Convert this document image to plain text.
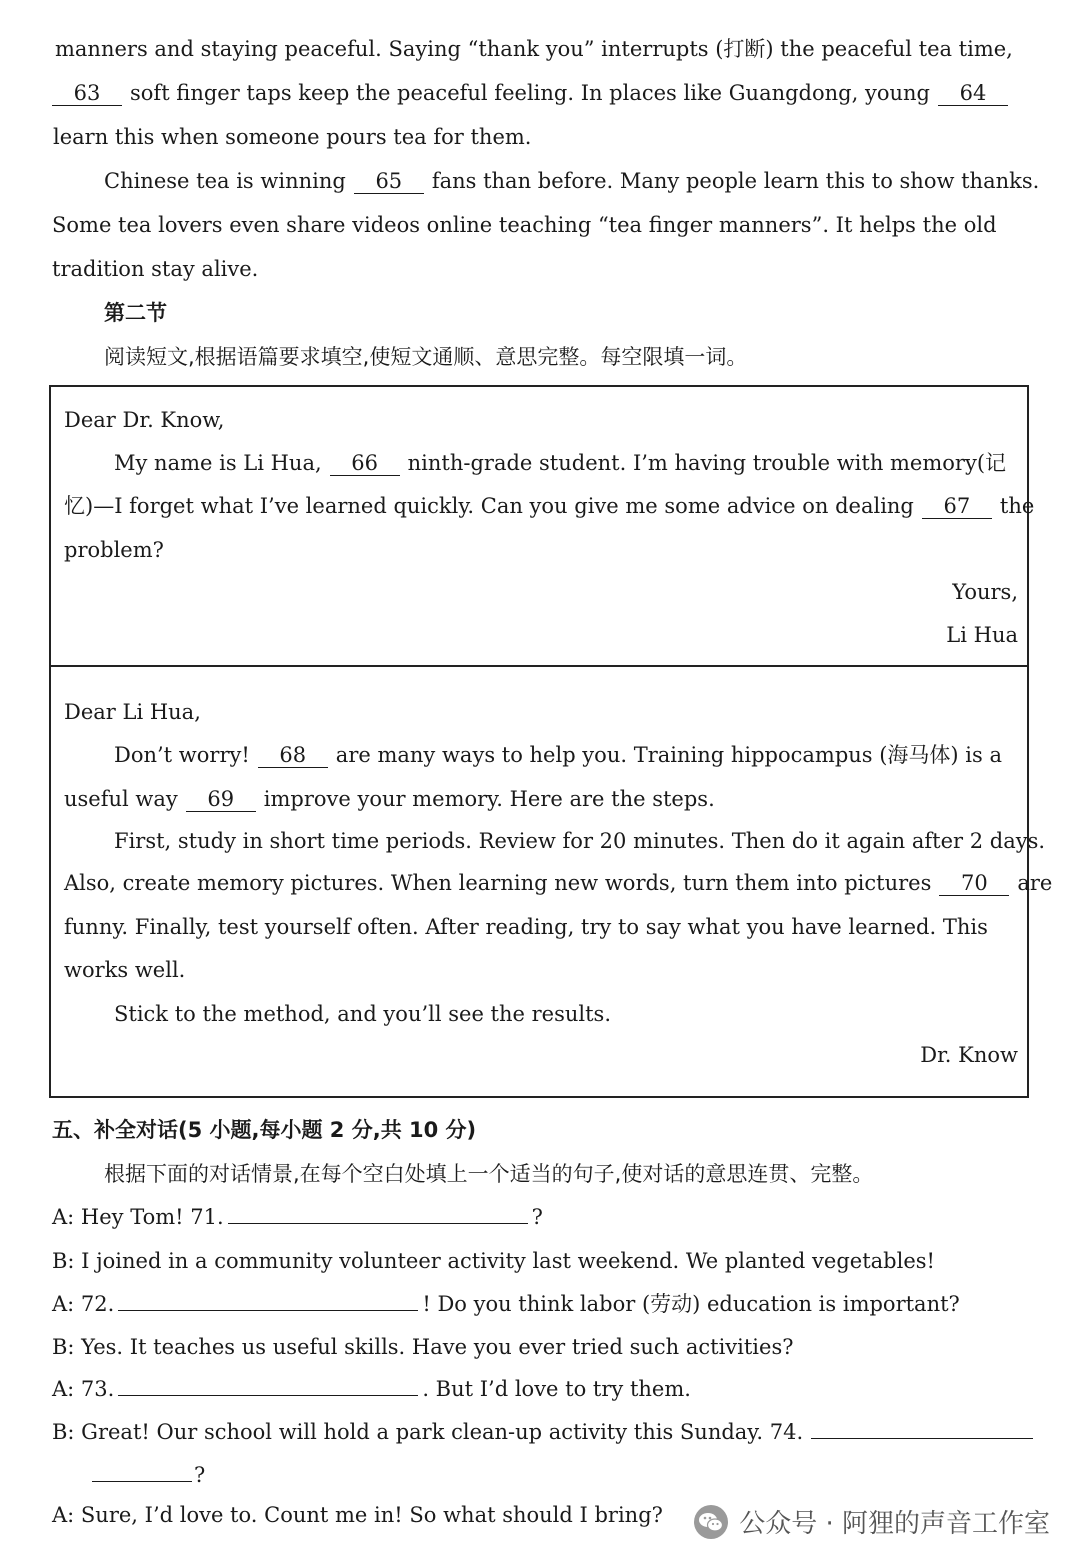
manners and staying peaceful. Saying “thank you” interrupts (打断) the peaceful tea time,
63 soft finger taps keep the peaceful feeling. In places like Guangdong, young 64
learn this when someone pours tea for them.
Chinese tea is winning 65 fans than before. Many people learn this to show thanks.
Some tea lovers even share videos online teaching “tea finger manners”. It helps the old
tradition stay alive.
第二节
阅读短文,根据语篇要求填空,使短文通顺、意思完整。每空限填一词。
Dear Dr. Know,
My name is Li Hua, 66 ninth-grade student. I’m having trouble with memory(记
忆)—I forget what I’ve learned quickly. Can you give me some advice on dealing 67 the
problem?
Yours,
Li Hua
Dear Li Hua,
Don’t worry! 68 are many ways to help you. Training hippocampus (海马体) is a
useful way 69 improve your memory. Here are the steps.
First, study in short time periods. Review for 20 minutes. Then do it again after 2 days.
Also, create memory pictures. When learning new words, turn them into pictures 70 are
funny. Finally, test yourself often. After reading, try to say what you have learned. This
works well.
Stick to the method, and you’ll see the results.
Dr. Know
五、补全对话(5 小题,每小题 2 分,共 10 分)
根据下面的对话情景,在每个空白处填上一个适当的句子,使对话的意思连贯、完整。
A: Hey Tom! 71.	?
B: I joined in a community volunteer activity last weekend. We planted vegetables!
A: 72.	! Do you think labor (劳动) education is important?
B: Yes. It teaches us useful skills. Have you ever tried such activities?
A: 73.	. But I’d love to try them.
B: Great! Our school will hold a park clean-up activity this Sunday. 74.
?
A: Sure, I’d love to. Count me in! So what should I bring?	公众号 · 阿狸的声音工作室
